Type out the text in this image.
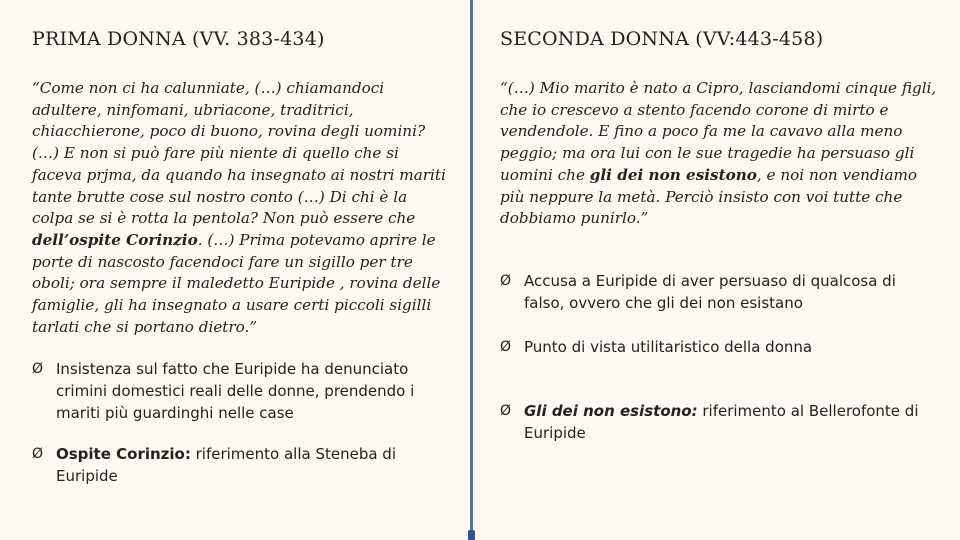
PRIMA DONNA (VV. 383-434)

“Come non ci ha calunniate, (…) chiamandoci adultere, ninfomani, ubriacone, traditrici, chiacchierone, poco di buono, rovina degli uomini? (…) E non si può fare più niente di quello che si faceva prjma, da quando ha insegnato ai nostri mariti tante brutte cose sul nostro conto (…) Di chi è la colpa se si è rotta la pentola? Non può essere che dell’ospite Corinzio. (…) Prima potevamo aprire le porte di nascosto facendoci fare un sigillo per tre oboli; ora sempre il maledetto Euripide , rovina delle famiglie, gli ha insegnato a usare certi piccoli sigilli tarlati che si portano dietro.”

Ø Insistenza sul fatto che Euripide ha denunciato crimini domestici reali delle donne, prendendo i mariti più guardinghi nelle case
Ø Ospite Corinzio: riferimento alla Steneba di Euripide
SECONDA DONNA (VV:443-458)

“(…) Mio marito è nato a Cipro, lasciandomi cinque figli, che io crescevo a stento facendo corone di mirto e vendendole. E fino a poco fa me la cavavo alla meno peggio; ma ora lui con le sue tragedie ha persuaso gli uomini che gli dei non esistono, e noi non vendiamo più neppure la metà. Perciò insisto con voi tutte che dobbiamo punirlo.”

Ø Accusa a Euripide di aver persuaso di qualcosa di falso, ovvero che gli dei non esistano
Ø Punto di vista utilitaristico della donna
Ø Gli dei non esistono: riferimento al Bellerofonte di Euripide
